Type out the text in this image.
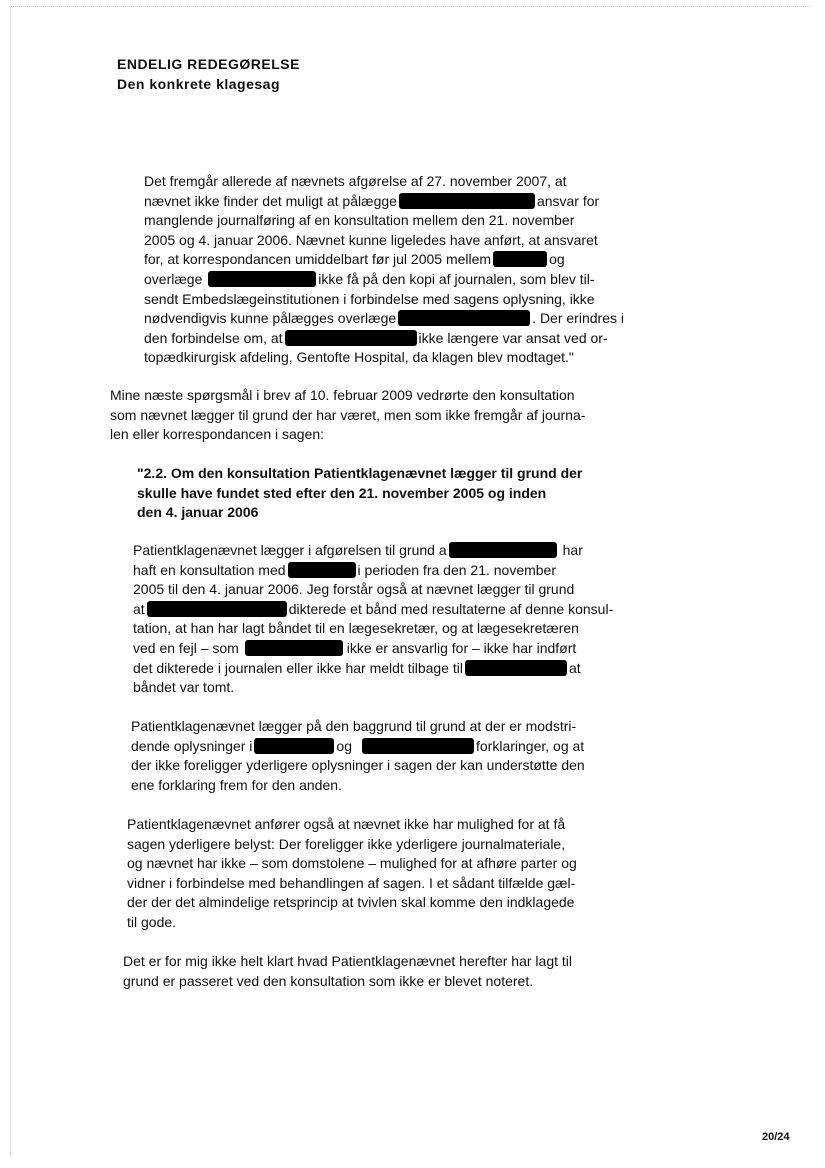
ENDELIG REDEGØRELSE
Den konkrete klagesag
Det fremgår allerede af nævnets afgørelse af 27. november 2007, at
nævnet ikke finder det muligt at pålægge	ansvar for
manglende journalføring af en konsultation mellem den 21. november
2005 og 4. januar 2006. Nævnet kunne ligeledes have anført, at ansvaret
for, at korrespondancen umiddelbart før jul 2005 mellem	og
overlæge	ikke få på den kopi af journalen, som blev til-
sendt Embedslægeinstitutionen i forbindelse med sagens oplysning, ikke
nødvendigvis kunne pålægges overlæge	. Der erindres i
den forbindelse om, at	ikke længere var ansat ved or-
topædkirurgisk afdeling, Gentofte Hospital, da klagen blev modtaget."
Mine næste spørgsmål i brev af 10. februar 2009 vedrørte den konsultation
som nævnet lægger til grund der har været, men som ikke fremgår af journa-
len eller korrespondancen i sagen:
"2.2. Om den konsultation Patientklagenævnet lægger til grund der
skulle have fundet sted efter den 21. november 2005 og inden
den 4. januar 2006
Patientklagenævnet lægger i afgørelsen til grund a	har
haft en konsultation med	i perioden fra den 21. november
2005 til den 4. januar 2006. Jeg forstår også at nævnet lægger til grund
at	dikterede et bånd med resultaterne af denne konsul-
tation, at han har lagt båndet til en lægesekretær, og at lægesekretæren
ved en fejl – som	ikke er ansvarlig for – ikke har indført
det dikterede i journalen eller ikke har meldt tilbage til	at
båndet var tomt.
Patientklagenævnet lægger på den baggrund til grund at der er modstri-
dende oplysninger i	og	forklaringer, og at
der ikke foreligger yderligere oplysninger i sagen der kan understøtte den
ene forklaring frem for den anden.
Patientklagenævnet anfører også at nævnet ikke har mulighed for at få
sagen yderligere belyst: Der foreligger ikke yderligere journalmateriale,
og nævnet har ikke – som domstolene – mulighed for at afhøre parter og
vidner i forbindelse med behandlingen af sagen. I et sådant tilfælde gæl-
der der det almindelige retsprincip at tvivlen skal komme den indklagede
til gode.
Det er for mig ikke helt klart hvad Patientklagenævnet herefter har lagt til
grund er passeret ved den konsultation som ikke er blevet noteret.
20/24
